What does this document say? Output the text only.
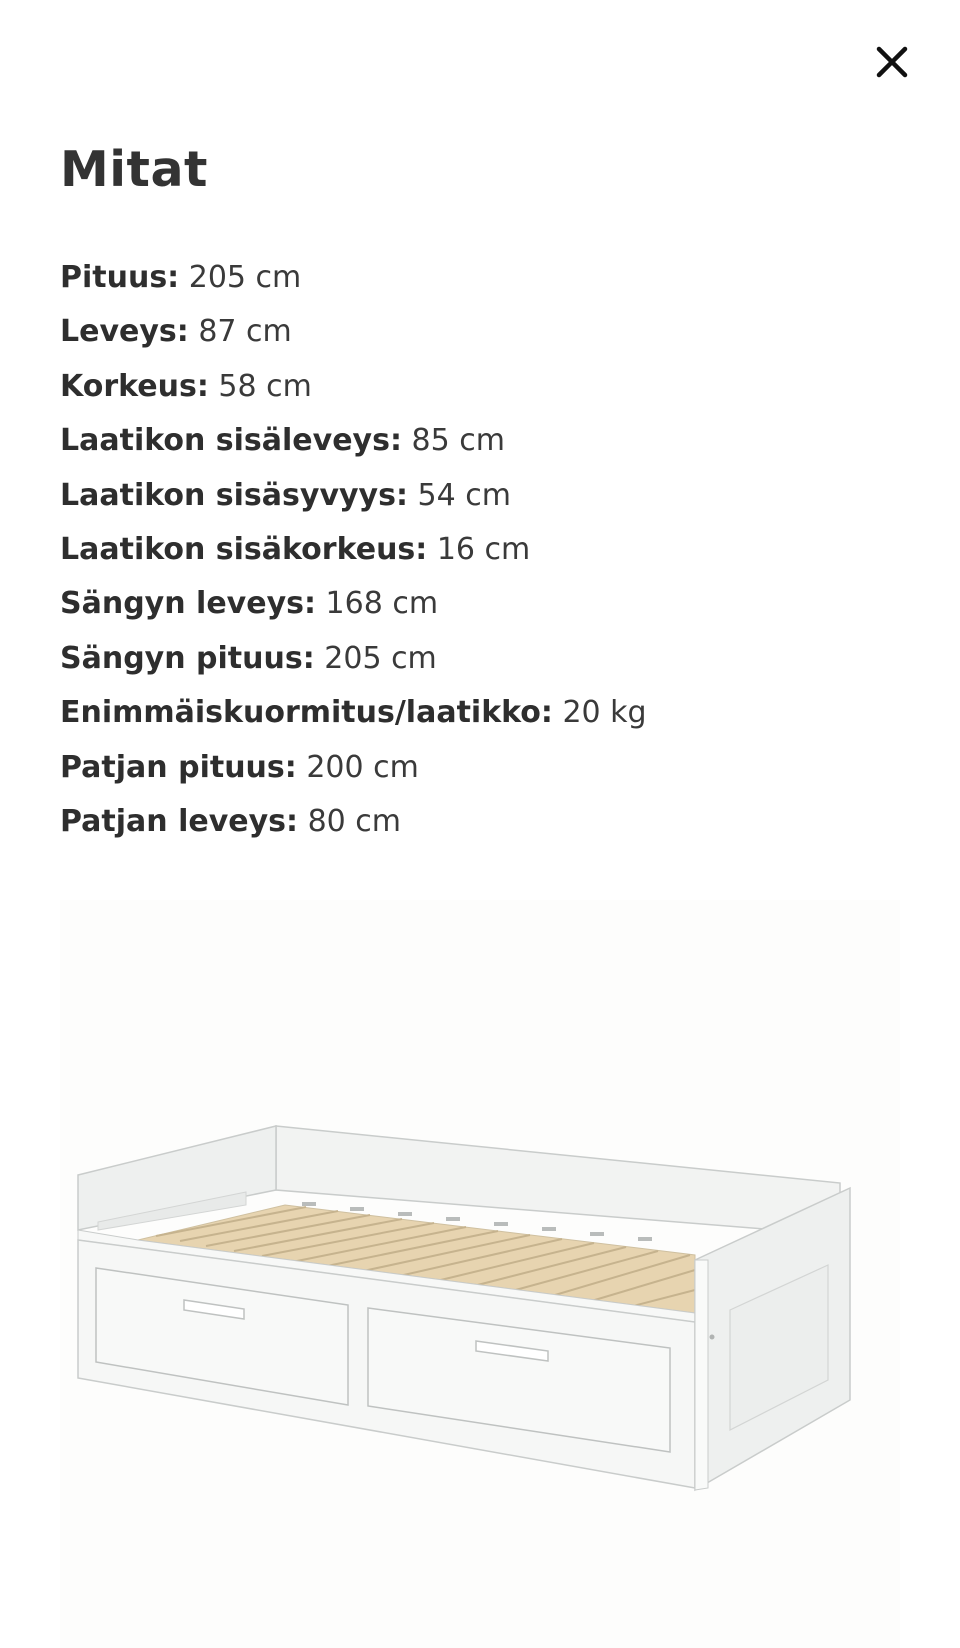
Mitat
Pituus: 205 cm
Leveys: 87 cm
Korkeus: 58 cm
Laatikon sisäleveys: 85 cm
Laatikon sisäsyvyys: 54 cm
Laatikon sisäkorkeus: 16 cm
Sängyn leveys: 168 cm
Sängyn pituus: 205 cm
Enimmäiskuormitus/laatikko: 20 kg
Patjan pituus: 200 cm
Patjan leveys: 80 cm
